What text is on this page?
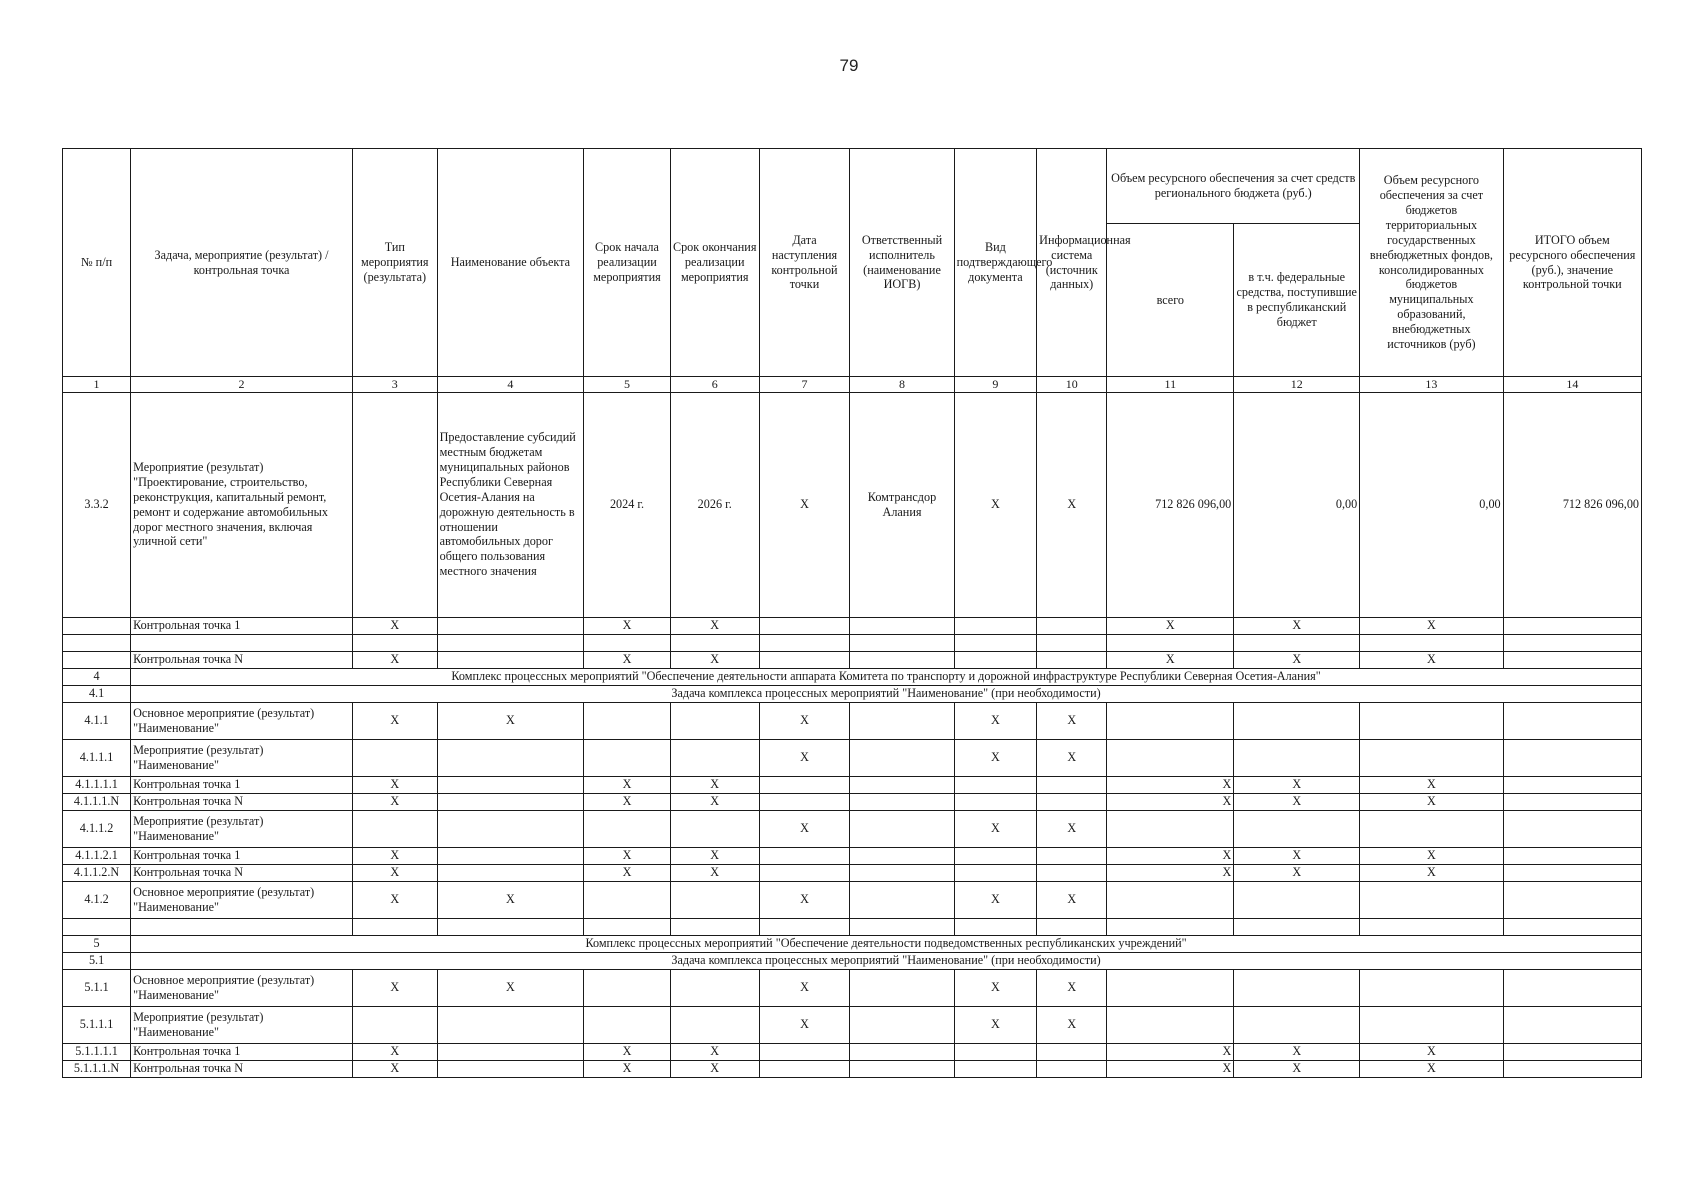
79
№ п/п	Задача, мероприятие (результат) / контрольная точка	Тип мероприятия (результата)	Наименование объекта	Срок начала реализации мероприятия	Срок окончания реализации мероприятия	Дата наступления контрольной точки	Ответственный исполнитель (наименование ИОГВ)	Вид подтверждающего документа	Информационная система (источник данных)	Объем ресурсного обеспечения за счет средств регионального бюджета (руб.)		Объем ресурсного обеспечения за счет бюджетов территориальных государственных внебюджетных фондов, консолидированных бюджетов муниципальных образований, внебюджетных источников (руб)	ИТОГО объем ресурсного обеспечения (руб.), значение контрольной точки
										всего	в т.ч. федеральные средства, поступившие в республиканский бюджет		
1	2	3	4	5	6	7	8	9	10	11	12	13	14
3.3.2	Мероприятие (результат) "Проектирование, строительство, реконструкция, капитальный ремонт, ремонт и содержание автомобильных дорог местного значения, включая уличной сети"		Предоставление субсидий местным бюджетам муниципальных районов Республики Северная Осетия-Алания на дорожную деятельность в отношении автомобильных дорог общего пользования местного значения	2024 г.	2026 г.	X	Комтрансдор Алания	X	X	712 826 096,00	0,00	0,00	712 826 096,00
	Контрольная точка 1	X		X	X					X	X	X	

	Контрольная точка N	X		X	X					X	X	X	
4	Комплекс процессных мероприятий "Обеспечение деятельности аппарата Комитета по транспорту и дорожной инфраструктуре Республики Северная Осетия-Алания"												
4.1	Задача комплекса процессных мероприятий "Наименование" (при необходимости)												
4.1.1	Основное мероприятие (результат) "Наименование"	X	X			X		X	X				
4.1.1.1	Мероприятие (результат) "Наименование"					X		X	X				
4.1.1.1.1	Контрольная точка 1	X		X	X					X	X	X	
4.1.1.1.N	Контрольная точка N	X		X	X					X	X	X	
4.1.1.2	Мероприятие (результат) "Наименование"					X		X	X				
4.1.1.2.1	Контрольная точка 1	X		X	X					X	X	X	
4.1.1.2.N	Контрольная точка N	X		X	X					X	X	X	
4.1.2	Основное мероприятие (результат) "Наименование"	X	X			X		X	X				

5	Комплекс процессных мероприятий "Обеспечение деятельности подведомственных республиканских учреждений"												
5.1	Задача комплекса процессных мероприятий "Наименование" (при необходимости)												
5.1.1	Основное мероприятие (результат) "Наименование"	X	X			X		X	X				
5.1.1.1	Мероприятие (результат) "Наименование"					X		X	X				
5.1.1.1.1	Контрольная точка 1	X		X	X					X	X	X	
5.1.1.1.N	Контрольная точка N	X		X	X					X	X	X	
